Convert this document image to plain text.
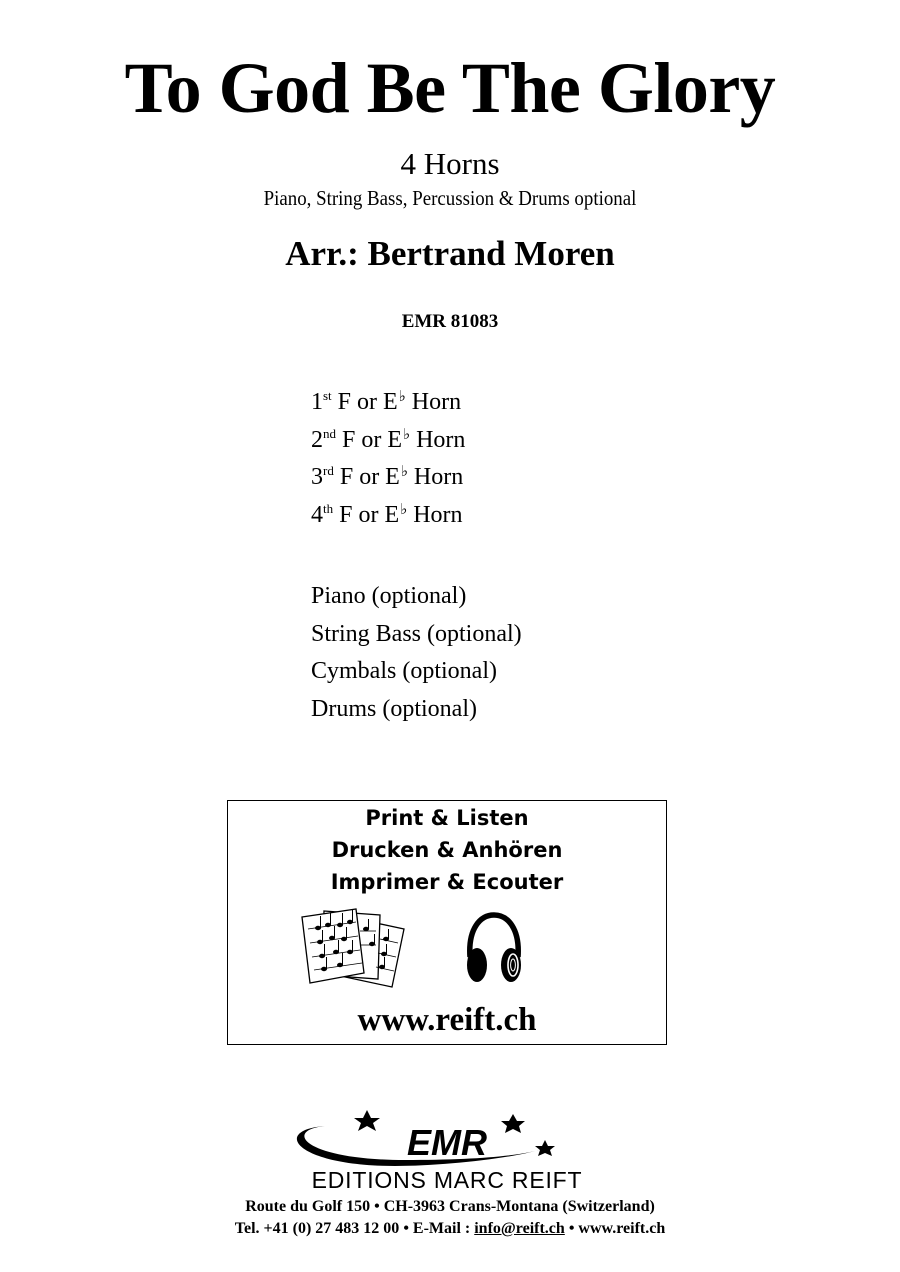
To God Be The Glory
4 Horns
Piano, String Bass, Percussion & Drums optional
Arr.: Bertrand Moren
EMR 81083
1st F or E♭ Horn
2nd F or E♭ Horn
3rd F or E♭ Horn
4th F or E♭ Horn
Piano (optional)
String Bass (optional)
Cymbals (optional)
Drums (optional)
Print & Listen
Drucken & Anhören
Imprimer & Ecouter
www.reift.ch
EMR
EDITIONS MARC REIFT
Route du Golf 150 • CH-3963 Crans-Montana (Switzerland)
Tel. +41 (0) 27 483 12 00 • E-Mail : info@reift.ch • www.reift.ch
